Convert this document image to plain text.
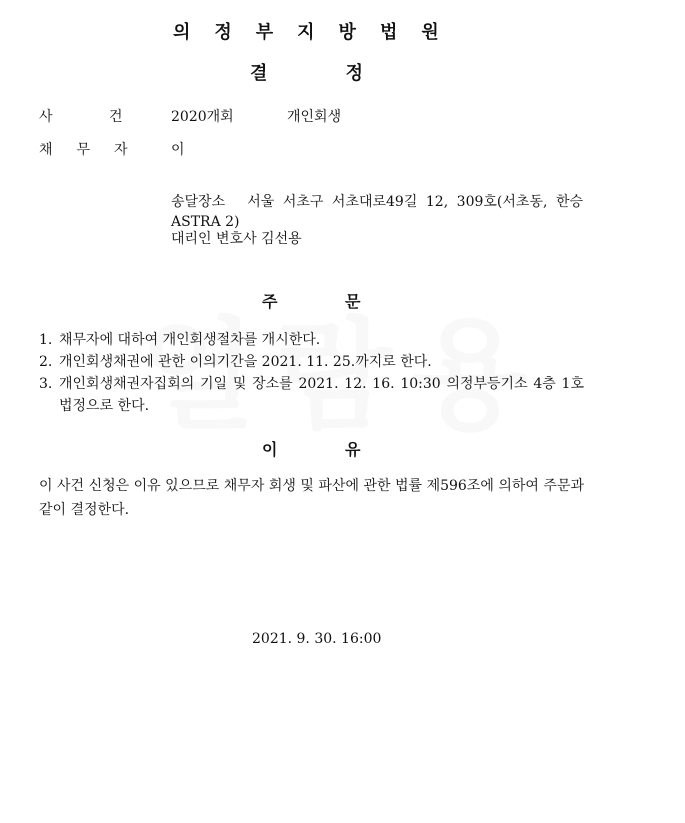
의정부지방법원
결 정
사 건	2020개회	개인회생
채무자 이
송달장소　서울 서초구 서초대로49길 12, 309호(서초동, 한승 ASTRA 2)
대리인 변호사 김선용
주 문
1. 채무자에 대하여 개인회생절차를 개시한다.
2. 개인회생채권에 관한 이의기간을 2021. 11. 25.까지로 한다.
3. 개인회생채권자집회의 기일 및 장소를 2021. 12. 16. 10:30 의정부등기소 4층 1호 법정으로 한다.
이 유
이 사건 신청은 이유 있으므로 채무자 회생 및 파산에 관한 법률 제596조에 의하여 주문과 같이 결정한다.
2021. 9. 30. 16:00
